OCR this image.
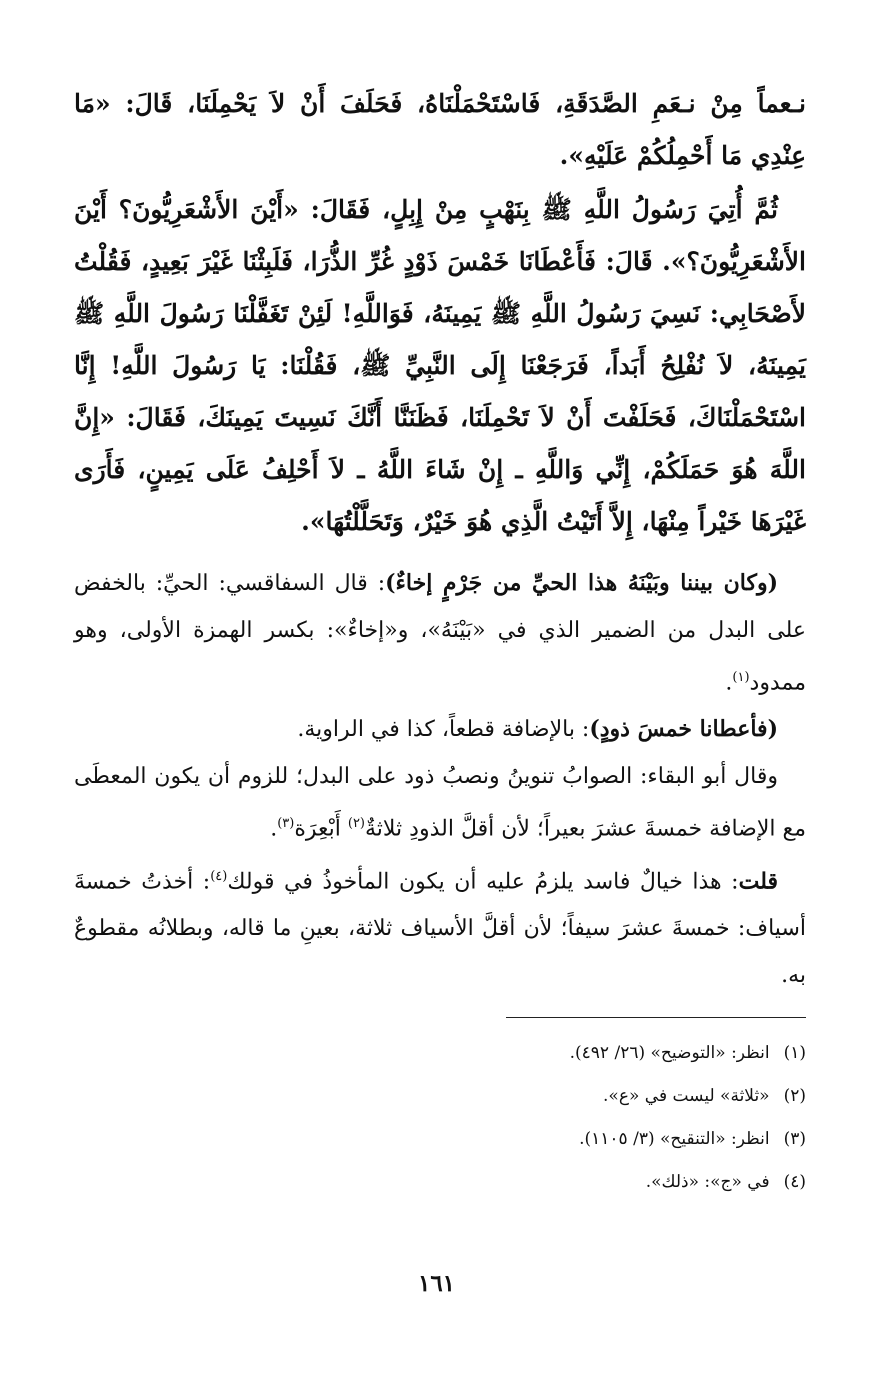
نـعماً مِنْ نـعَمِ الصَّدَقَةِ، فَاسْتَحْمَلْنَاهُ، فَحَلَفَ أَنْ لاَ يَحْمِلَنَا، قَالَ: «مَا عِنْدِي مَا أَحْمِلُكُمْ عَلَيْهِ».

ثُمَّ أُتِيَ رَسُولُ اللَّهِ ﷺ بِنَهْبٍ مِنْ إِبِلٍ، فَقَالَ: «أَيْنَ الأَشْعَرِيُّونَ؟ أَيْنَ الأَشْعَرِيُّونَ؟». قَالَ: فَأَعْطَانَا خَمْسَ ذَوْدٍ غُرِّ الذُّرَا، فَلَبِثْنَا غَيْرَ بَعِيدٍ، فَقُلْتُ لأَصْحَابِي: نَسِيَ رَسُولُ اللَّهِ ﷺ يَمِينَهُ، فَوَاللَّهِ! لَئِنْ تَغَفَّلْنَا رَسُولَ اللَّهِ ﷺ يَمِينَهُ، لاَ نُفْلِحُ أَبَداً، فَرَجَعْنَا إِلَى النَّبِيِّ ﷺ، فَقُلْنَا: يَا رَسُولَ اللَّهِ! إِنَّا اسْتَحْمَلْنَاكَ، فَحَلَفْتَ أَنْ لاَ تَحْمِلَنَا، فَظَنَنَّا أَنَّكَ نَسِيتَ يَمِينَكَ، فَقَالَ: «إِنَّ اللَّهَ هُوَ حَمَلَكُمْ، إِنِّي وَاللَّهِ ـ إِنْ شَاءَ اللَّهُ ـ لاَ أَحْلِفُ عَلَى يَمِينٍ، فَأَرَى غَيْرَهَا خَيْراً مِنْهَا، إِلاَّ أَتَيْتُ الَّذِي هُوَ خَيْرٌ، وَتَحَلَّلْتُهَا».

(وكان بيننا وبَيْنَهُ هذا الحيِّ من جَرْمٍ إخاءٌ): قال السفاقسي: الحيِّ: بالخفض على البدل من الضمير الذي في «بَيْنَهُ»، و«إخاءٌ»: بكسر الهمزة الأولى، وهو ممدود$^{(١)}$.

(فأعطانا خمسَ ذودٍ): بالإضافة قطعاً، كذا في الراوية.

وقال أبو البقاء: الصوابُ تنوينُ ونصبُ ذود على البدل؛ للزوم أن يكون المعطَى مع الإضافة خمسةَ عشرَ بعيراً؛ لأن أقلَّ الذودِ ثلاثةٌ$^{(٢)}$ أَبْعِرَة$^{(٣)}$.

قلت: هذا خيالٌ فاسد يلزمُ عليه أن يكون المأخوذُ في قولك$^{(٤)}$: أخذتُ خمسةَ أسياف: خمسةَ عشرَ سيفاً؛ لأن أقلَّ الأسياف ثلاثة، بعينِ ما قاله، وبطلانُه مقطوعٌ به.

(١)انظر: «التوضيح» (٢٦/ ٤٩٢).

(٢)«ثلاثة» ليست في «ع».

(٣)انظر: «التنقيح» (٣/ ١١٠٥).

(٤)في «ج»: «ذلك».

١٦١
